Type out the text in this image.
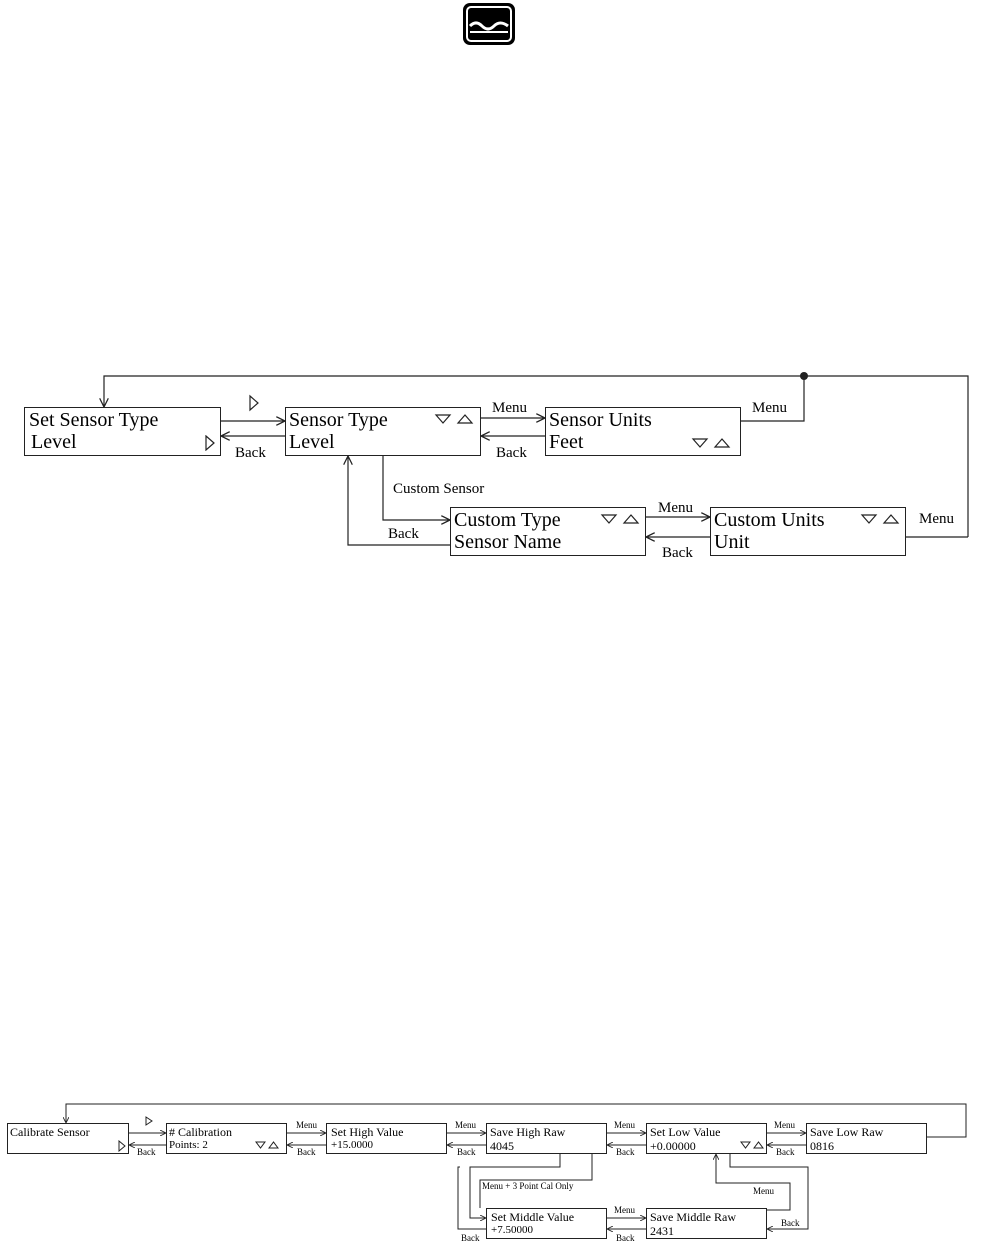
Set Sensor Type
Level
Sensor Type
Level
Sensor Units
Feet
Custom Type
Sensor Name
Custom Units
Unit
Back
Menu
Back
Menu
Custom Sensor
Back
Menu
Back
Menu
Calibrate Sensor	# Calibration
Points: 2
Set High Value
+15.0000
Save High Raw
4045
Set Low Value
+0.00000
Save Low Raw
0816
Set Middle Value
+7.50000
Save Middle Raw
2431
Back
Menu
Back
Menu
Back
Menu
Back
Menu
Back
Menu + 3 Point Cal Only
Menu
Menu
Back
Back
Back
